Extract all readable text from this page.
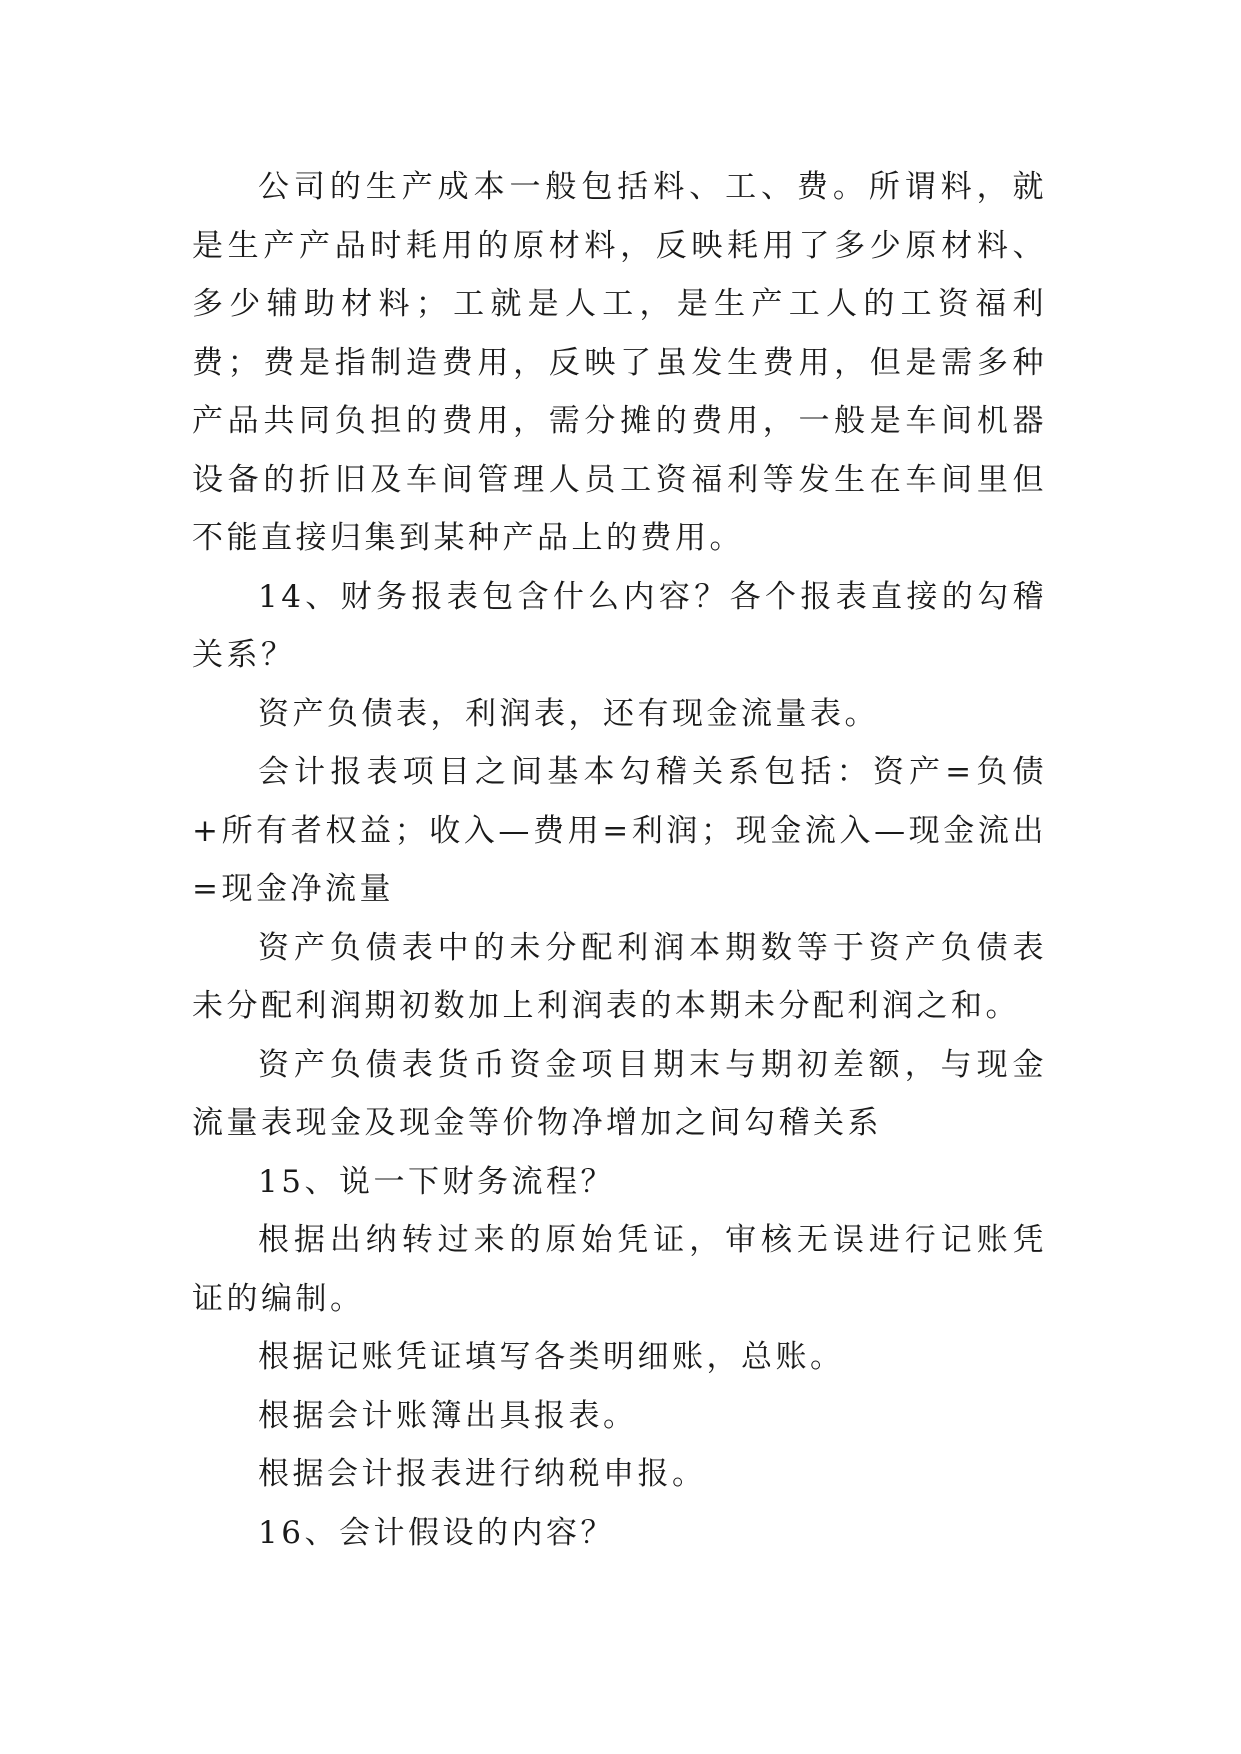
公司的生产成本一般包括料、工、费。所谓料，就是生产产品时耗用的原材料，反映耗用了多少原材料、多少辅助材料；工就是人工，是生产工人的工资福利费；费是指制造费用，反映了虽发生费用，但是需多种产品共同负担的费用，需分摊的费用，一般是车间机器设备的折旧及车间管理人员工资福利等发生在车间里但不能直接归集到某种产品上的费用。

14、财务报表包含什么内容？各个报表直接的勾稽关系？

资产负债表，利润表，还有现金流量表。

会计报表项目之间基本勾稽关系包括：资产=负债+所有者权益；收入—费用=利润；现金流入—现金流出=现金净流量

资产负债表中的未分配利润本期数等于资产负债表未分配利润期初数加上利润表的本期未分配利润之和。

资产负债表货币资金项目期末与期初差额，与现金流量表现金及现金等价物净增加之间勾稽关系

15、说一下财务流程？

根据出纳转过来的原始凭证，审核无误进行记账凭证的编制。

根据记账凭证填写各类明细账，总账。

根据会计账簿出具报表。

根据会计报表进行纳税申报。

16、会计假设的内容？
